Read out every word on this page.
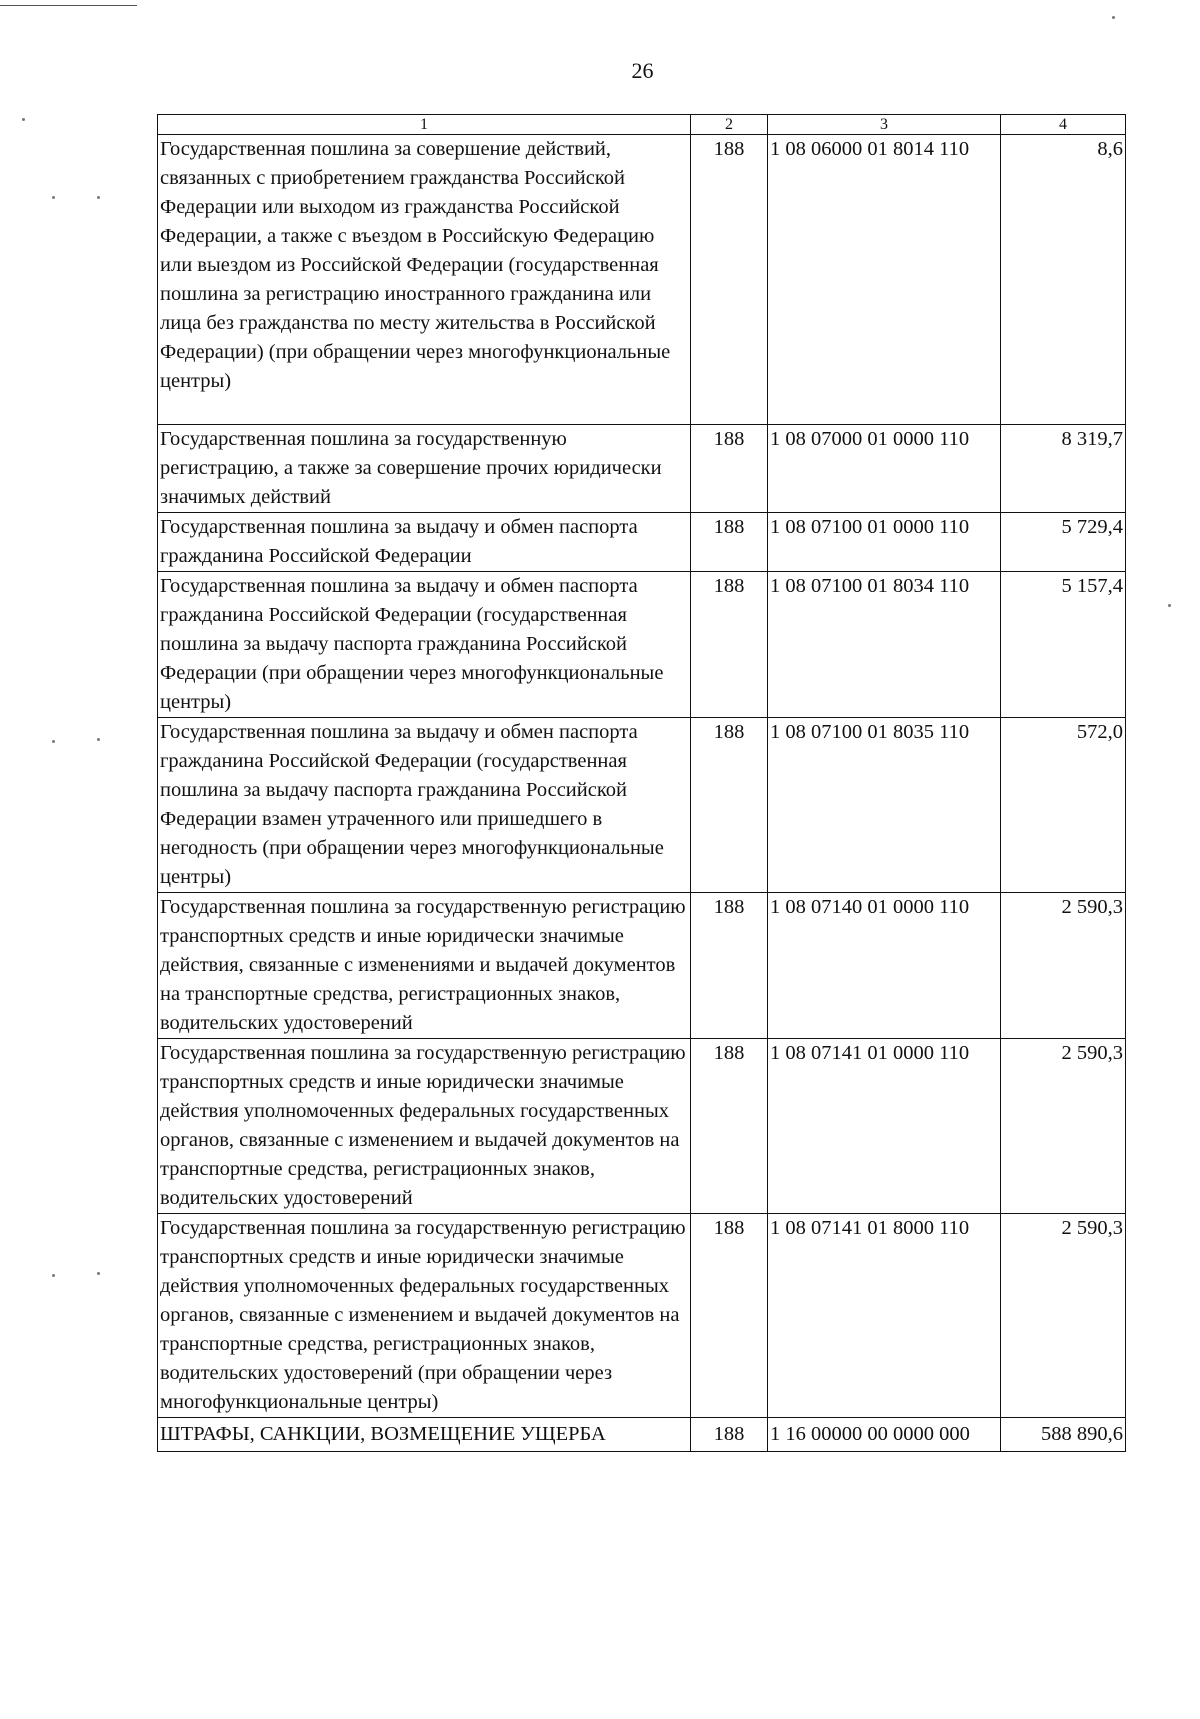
26
1	2	3	4

Государственная пошлина за совершение действий, связанных с приобретением гражданства Российской Федерации или выходом из гражданства Российской Федерации, а также с въездом в Российскую Федерацию или выездом из Российской Федерации (государственная пошлина за регистрацию иностранного гражданина или лица без гражданства по месту жительства в Российской Федерации) (при обращении через многофункциональные центры)	188	1 08 06000 01 8014 110	8,6

Государственная пошлина за государственную регистрацию, а также за совершение прочих юридически значимых действий	188	1 08 07000 01 0000 110	8 319,7

Государственная пошлина за выдачу и обмен паспорта гражданина Российской Федерации	188	1 08 07100 01 0000 110	5 729,4

Государственная пошлина за выдачу и обмен паспорта гражданина Российской Федерации (государственная пошлина за выдачу паспорта гражданина Российской Федерации (при обращении через многофункциональные центры)	188	1 08 07100 01 8034 110	5 157,4

Государственная пошлина за выдачу и обмен паспорта гражданина Российской Федерации (государственная пошлина за выдачу паспорта гражданина Российской Федерации взамен утраченного или пришедшего в негодность (при обращении через многофункциональные центры)	188	1 08 07100 01 8035 110	572,0

Государственная пошлина за государственную регистрацию транспортных средств и иные юридически значимые действия, связанные с изменениями и выдачей документов на транспортные средства, регистрационных знаков, водительских удостоверений	188	1 08 07140 01 0000 110	2 590,3

Государственная пошлина за государственную регистрацию транспортных средств и иные юридически значимые действия уполномоченных федеральных государственных органов, связанные с изменением и выдачей документов на транспортные средства, регистрационных знаков, водительских удостоверений	188	1 08 07141 01 0000 110	2 590,3

Государственная пошлина за государственную регистрацию транспортных средств и иные юридически значимые действия уполномоченных федеральных государственных органов, связанные с изменением и выдачей документов на транспортные средства, регистрационных знаков, водительских удостоверений (при обращении через многофункциональные центры)	188	1 08 07141 01 8000 110	2 590,3

ШТРАФЫ, САНКЦИИ, ВОЗМЕЩЕНИЕ УЩЕРБА	188	1 16 00000 00 0000 000	588 890,6
